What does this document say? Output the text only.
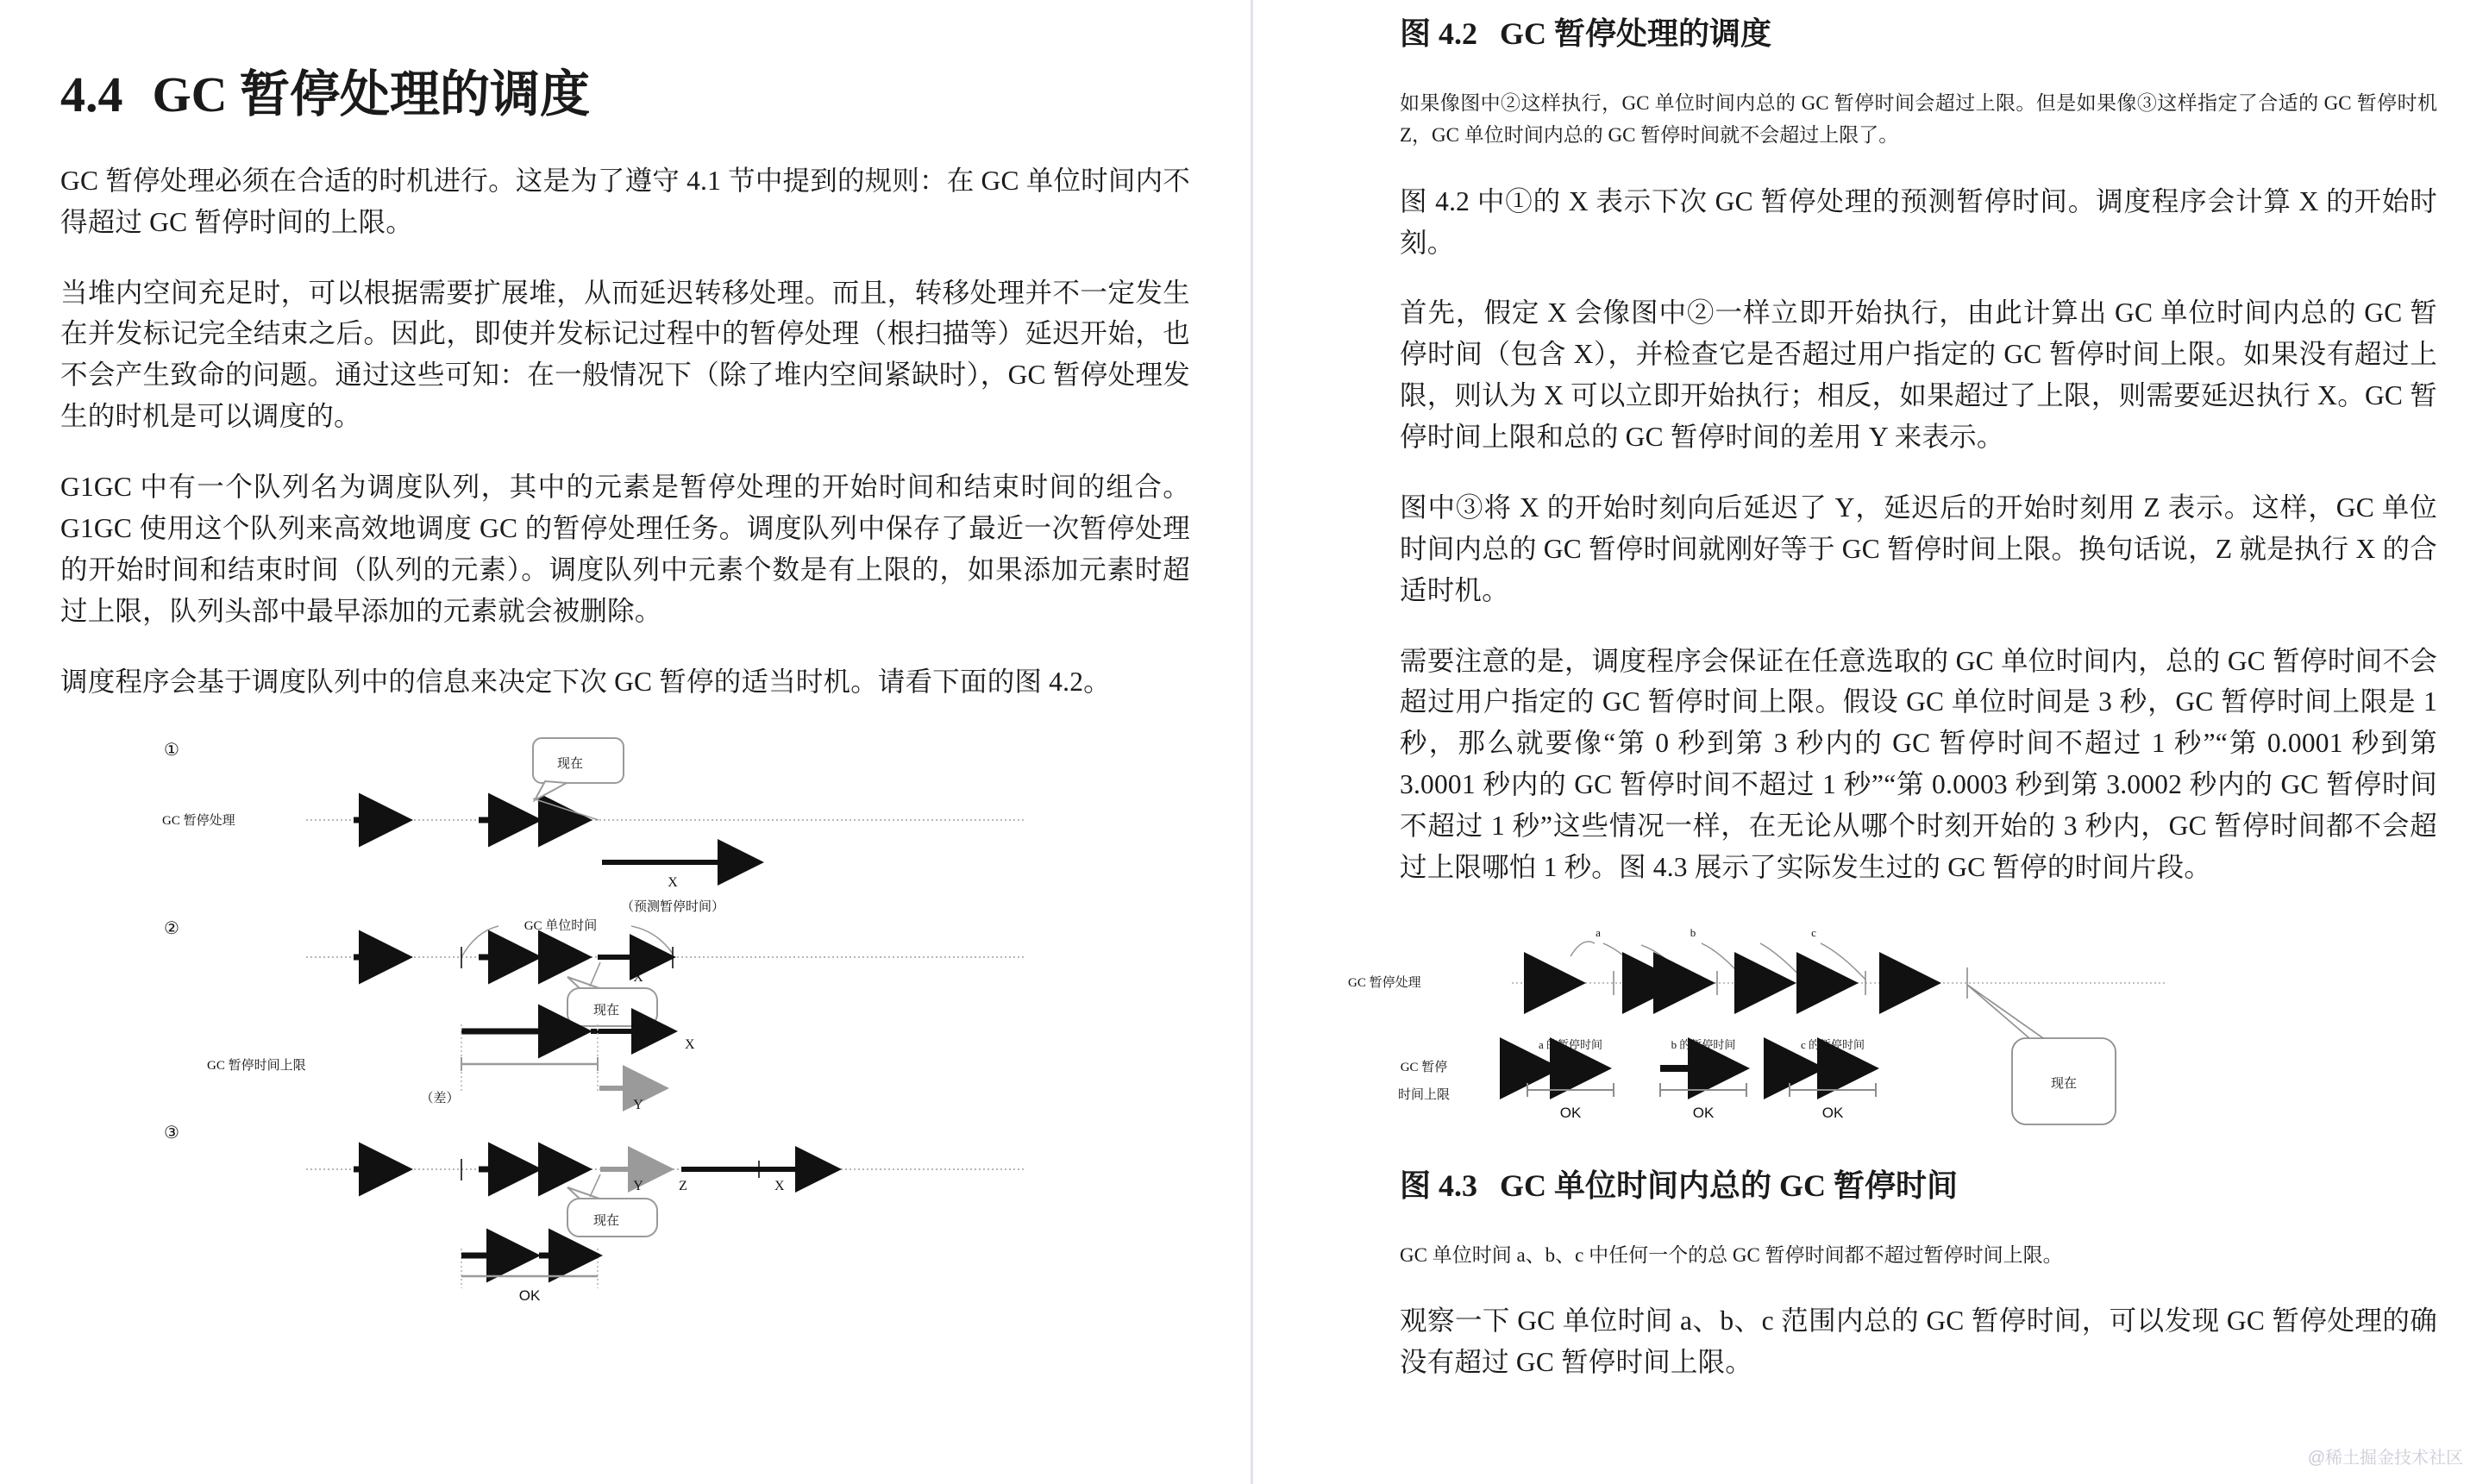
4.4 GC 暂停处理的调度

GC 暂停处理必须在合适的时机进行。这是为了遵守 4.1 节中提到的规则：在 GC 单位时间内不得超过 GC 暂停时间的上限。

当堆内空间充足时，可以根据需要扩展堆，从而延迟转移处理。而且，转移处理并不一定发生在并发标记完全结束之后。因此，即使并发标记过程中的暂停处理（根扫描等）延迟开始，也不会产生致命的问题。通过这些可知：在一般情况下（除了堆内空间紧缺时），GC 暂停处理发生的时机是可以调度的。

G1GC 中有一个队列名为调度队列，其中的元素是暂停处理的开始时间和结束时间的组合。G1GC 使用这个队列来高效地调度 GC 的暂停处理任务。调度队列中保存了最近一次暂停处理的开始时间和结束时间（队列的元素）。调度队列中元素个数是有上限的，如果添加元素时超过上限，队列头部中最早添加的元素就会被删除。

调度程序会基于调度队列中的信息来决定下次 GC 暂停的适当时机。请看下面的图 4.2。

①
GC 暂停处理
现在
X
（预测暂停时间）
②	GC 单位时间
X
现在
X
GC 暂停时间上限
Y
（差）
③
Y	Z	X
现在
OK
图 4.2 GC 暂停处理的调度

如果像图中②这样执行，GC 单位时间内总的 GC 暂停时间会超过上限。但是如果像③这样指定了合适的 GC 暂停时机 Z，GC 单位时间内总的 GC 暂停时间就不会超过上限了。

图 4.2 中①的 X 表示下次 GC 暂停处理的预测暂停时间。调度程序会计算 X 的开始时刻。

首先，假定 X 会像图中②一样立即开始执行，由此计算出 GC 单位时间内总的 GC 暂停时间（包含 X），并检查它是否超过用户指定的 GC 暂停时间上限。如果没有超过上限，则认为 X 可以立即开始执行；相反，如果超过了上限，则需要延迟执行 X。GC 暂停时间上限和总的 GC 暂停时间的差用 Y 来表示。

图中③将 X 的开始时刻向后延迟了 Y，延迟后的开始时刻用 Z 表示。这样，GC 单位时间内总的 GC 暂停时间就刚好等于 GC 暂停时间上限。换句话说，Z 就是执行 X 的合适时机。

需要注意的是，调度程序会保证在任意选取的 GC 单位时间内，总的 GC 暂停时间不会超过用户指定的 GC 暂停时间上限。假设 GC 单位时间是 3 秒，GC 暂停时间上限是 1 秒，那么就要像“第 0 秒到第 3 秒内的 GC 暂停时间不超过 1 秒”“第 0.0001 秒到第 3.0001 秒内的 GC 暂停时间不超过 1 秒”“第 0.0003 秒到第 3.0002 秒内的 GC 暂停时间不超过 1 秒”这些情况一样，在无论从哪个时刻开始的 3 秒内，GC 暂停时间都不会超过上限哪怕 1 秒。图 4.3 展示了实际发生过的 GC 暂停的时间片段。

a	b	c
GC 暂停处理
现在
a 的暂停时间	b 的暂停时间	c 的暂停时间
GC 暂停
时间上限
OK	OK	OK
图 4.3 GC 单位时间内总的 GC 暂停时间

GC 单位时间 a、b、c 中任何一个的总 GC 暂停时间都不超过暂停时间上限。

观察一下 GC 单位时间 a、b、c 范围内总的 GC 暂停时间，可以发现 GC 暂停处理的确没有超过 GC 暂停时间上限。

@稀土掘金技术社区
